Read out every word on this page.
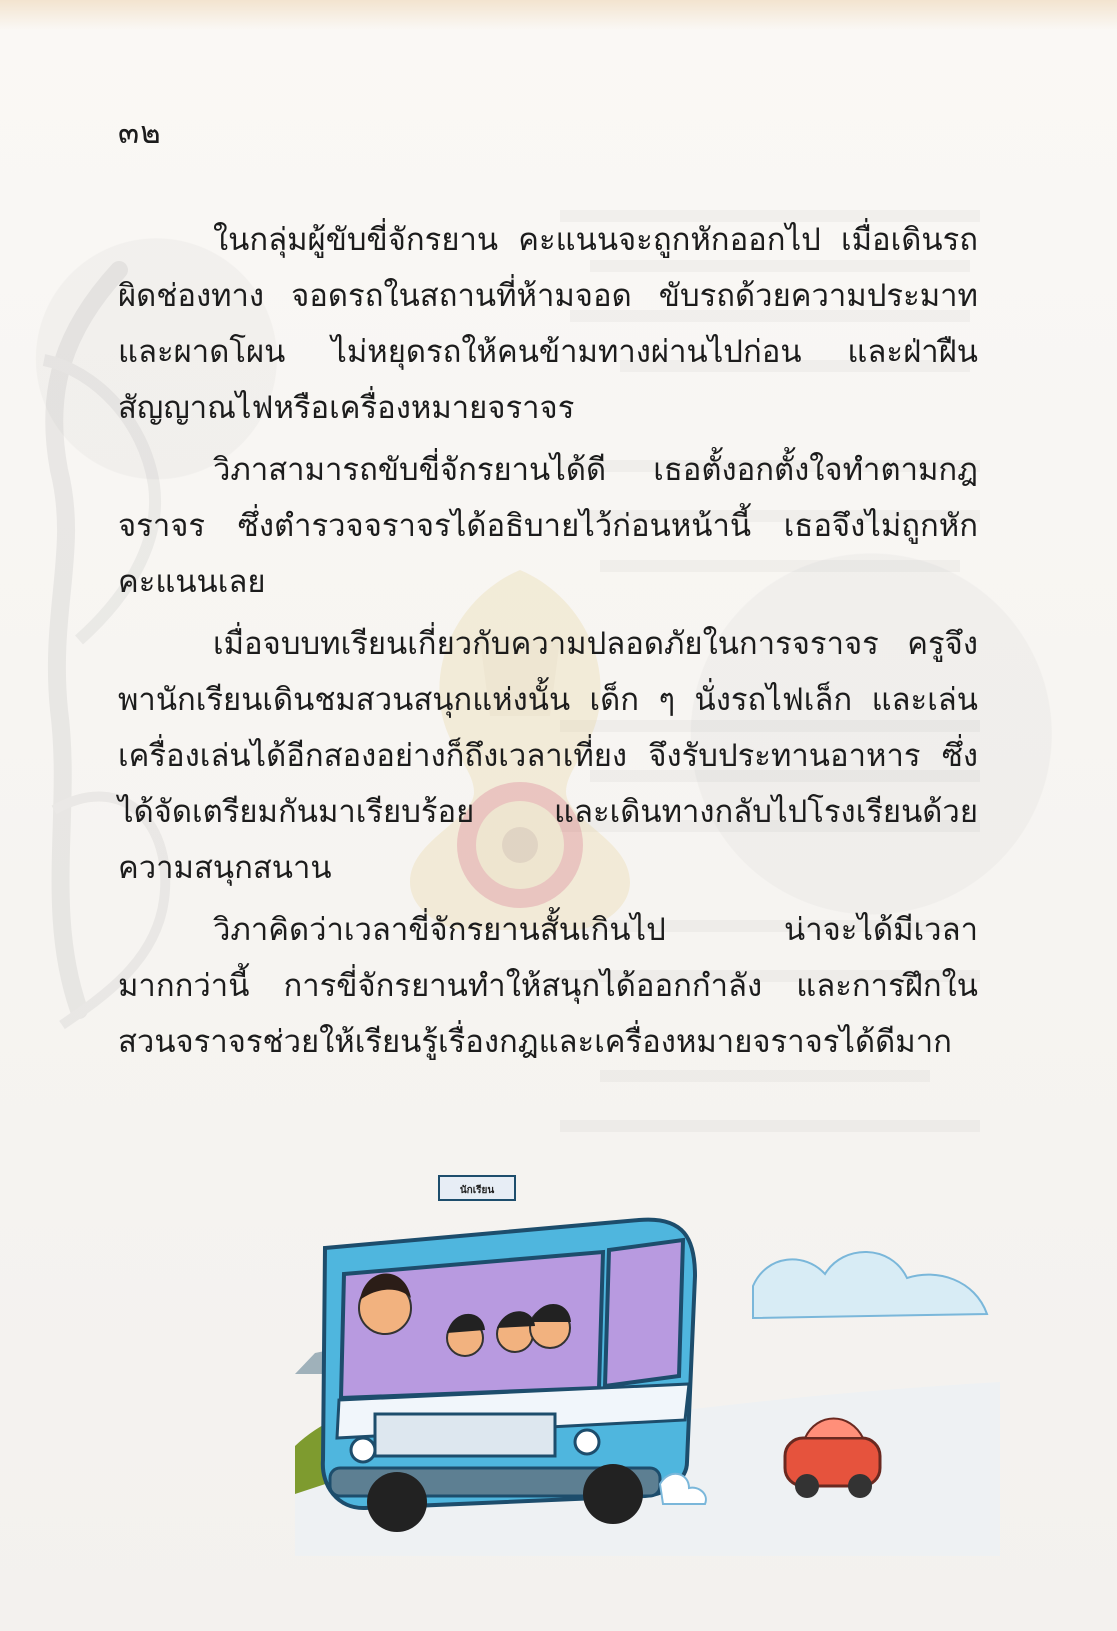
๓๒

ในกลุ่มผู้ขับขี่จักรยาน คะแนนจะถูกหักออกไป เมื่อเดินรถผิดช่องทาง จอดรถในสถานที่ห้ามจอด ขับรถด้วยความประมาทและผาดโผน ไม่หยุดรถให้คนข้ามทางผ่านไปก่อน และฝ่าฝืนสัญญาณไฟหรือเครื่องหมายจราจร

วิภาสามารถขับขี่จักรยานได้ดี เธอตั้งอกตั้งใจทำตามกฎจราจร ซึ่งตำรวจจราจรได้อธิบายไว้ก่อนหน้านี้ เธอจึงไม่ถูกหักคะแนนเลย

เมื่อจบบทเรียนเกี่ยวกับความปลอดภัยในการจราจร ครูจึงพานักเรียนเดินชมสวนสนุกแห่งนั้น เด็ก ๆ นั่งรถไฟเล็ก และเล่นเครื่องเล่นได้อีกสองอย่างก็ถึงเวลาเที่ยง จึงรับประทานอาหาร ซึ่งได้จัดเตรียมกันมาเรียบร้อย และเดินทางกลับไปโรงเรียนด้วยความสนุกสนาน

วิภาคิดว่าเวลาขี่จักรยานสั้นเกินไป น่าจะได้มีเวลามากกว่านี้ การขี่จักรยานทำให้สนุกได้ออกกำลัง และการฝึกในสวนจราจรช่วยให้เรียนรู้เรื่องกฎและเครื่องหมายจราจรได้ดีมาก

นักเรียน
